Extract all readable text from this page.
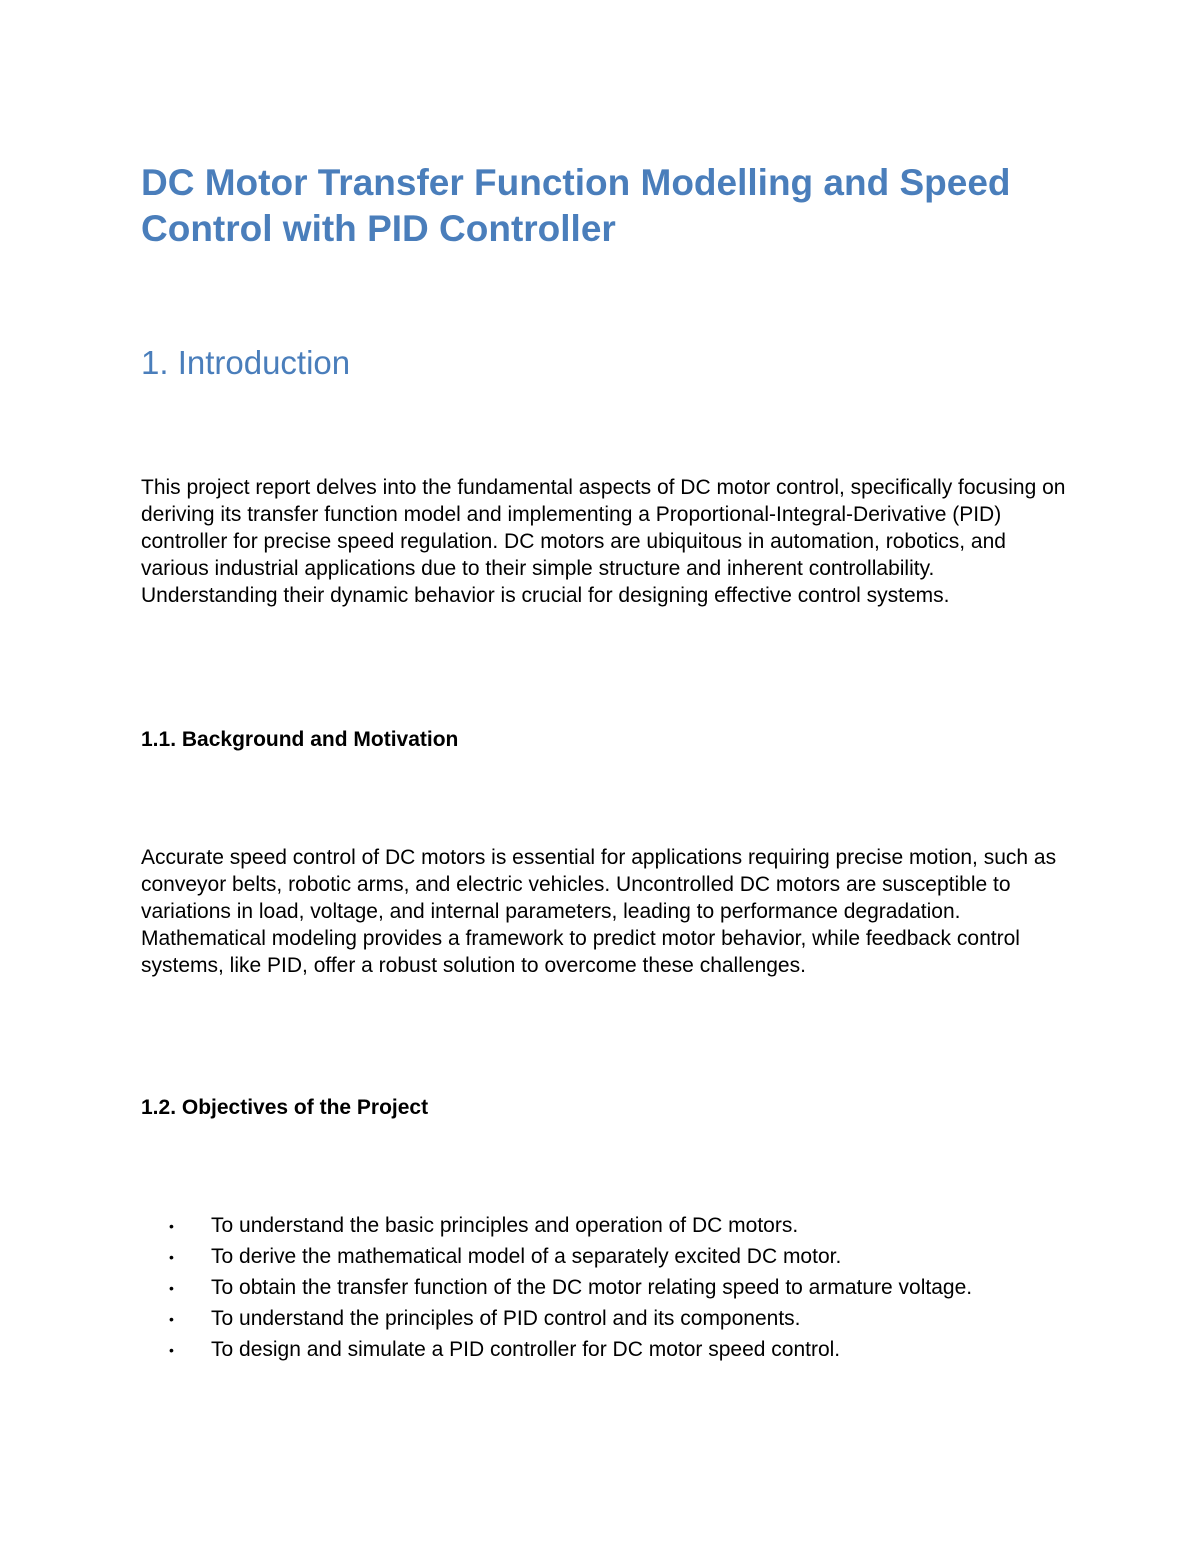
DC Motor Transfer Function Modelling and Speed Control with PID Controller
1. Introduction

This project report delves into the fundamental aspects of DC motor control, specifically focusing on deriving its transfer function model and implementing a Proportional-Integral-Derivative (PID) controller for precise speed regulation. DC motors are ubiquitous in automation, robotics, and various industrial applications due to their simple structure and inherent controllability. Understanding their dynamic behavior is crucial for designing effective control systems.

1.1. Background and Motivation

Accurate speed control of DC motors is essential for applications requiring precise motion, such as conveyor belts, robotic arms, and electric vehicles. Uncontrolled DC motors are susceptible to variations in load, voltage, and internal parameters, leading to performance degradation. Mathematical modeling provides a framework to predict motor behavior, while feedback control systems, like PID, offer a robust solution to overcome these challenges.

1.2. Objectives of the Project
• To understand the basic principles and operation of DC motors.
• To derive the mathematical model of a separately excited DC motor.
• To obtain the transfer function of the DC motor relating speed to armature voltage.
• To understand the principles of PID control and its components.
• To design and simulate a PID controller for DC motor speed control.
